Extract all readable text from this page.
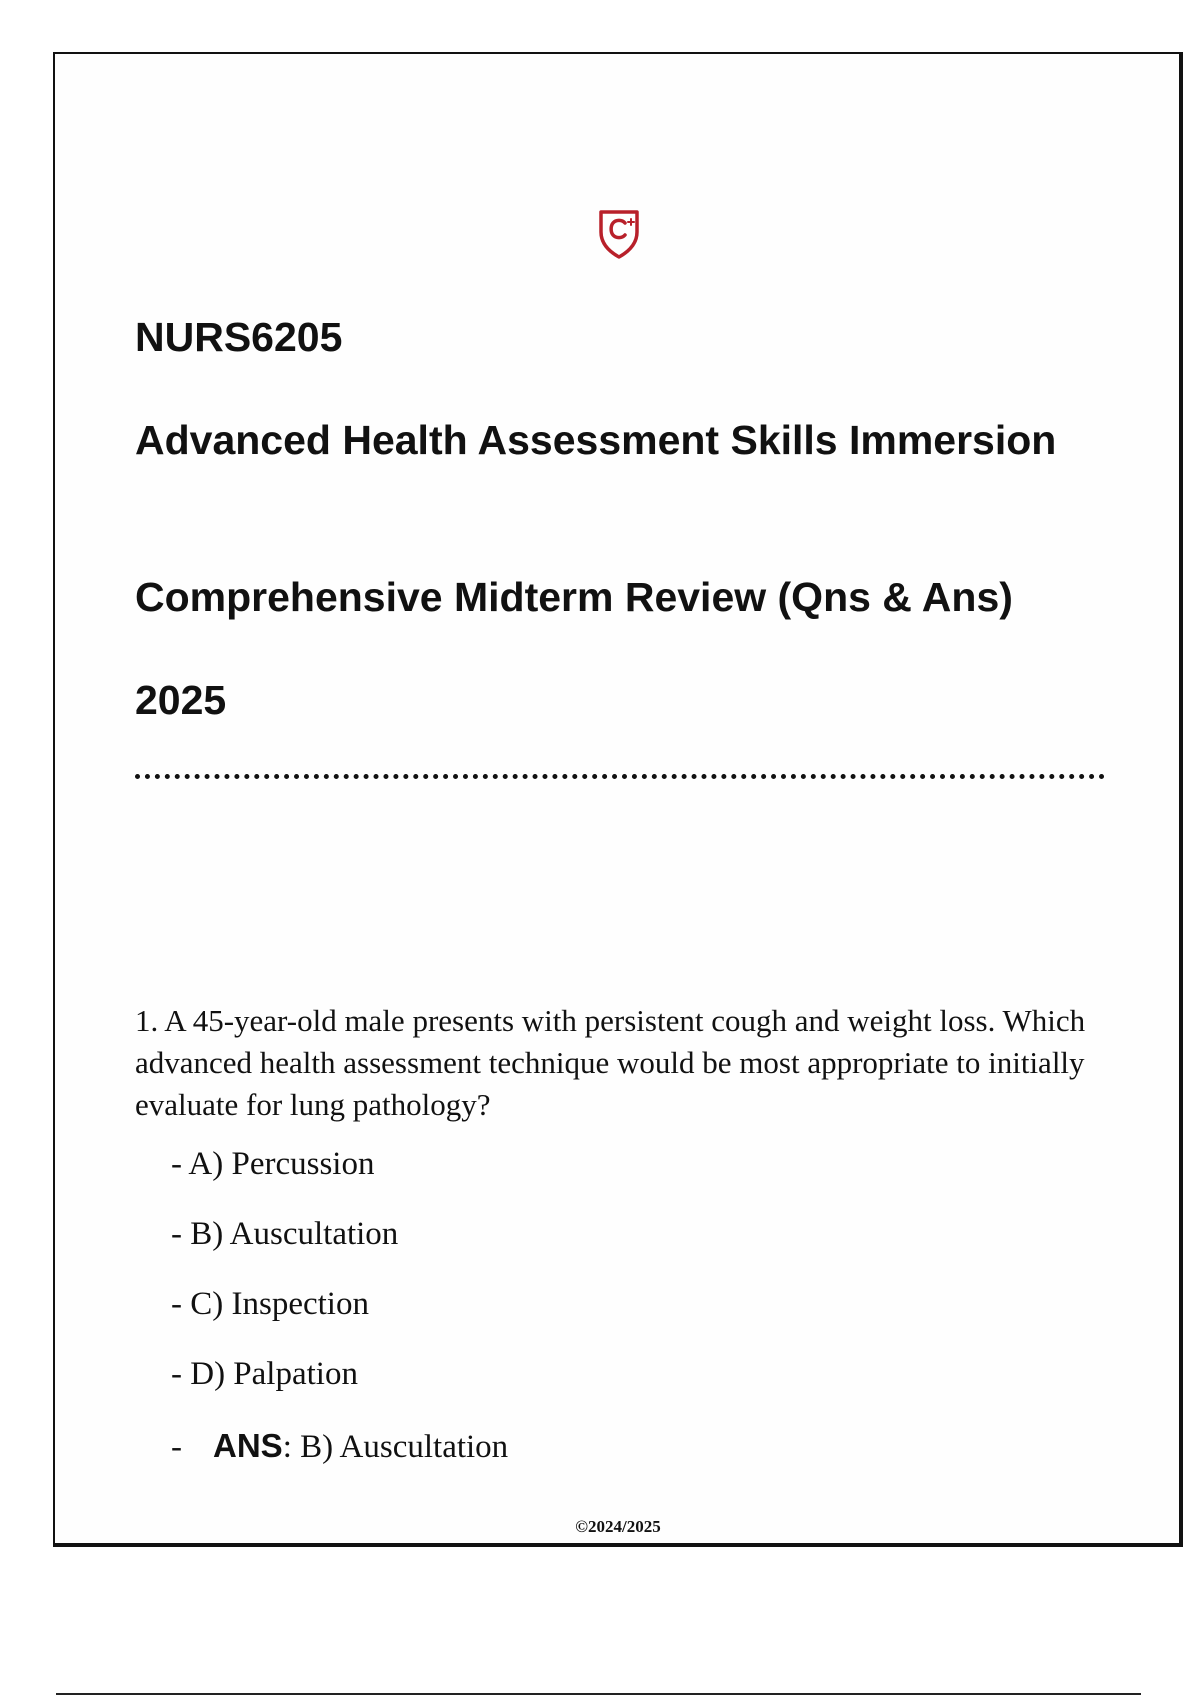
NURS6205
Advanced Health Assessment Skills Immersion
Comprehensive Midterm Review (Qns & Ans)
2025

1. A 45-year-old male presents with persistent cough and weight loss. Which advanced health assessment technique would be most appropriate to initially evaluate for lung pathology?

- A) Percussion
- B) Auscultation
- C) Inspection
- D) Palpation

- ANS: B) Auscultation

©2024/2025
